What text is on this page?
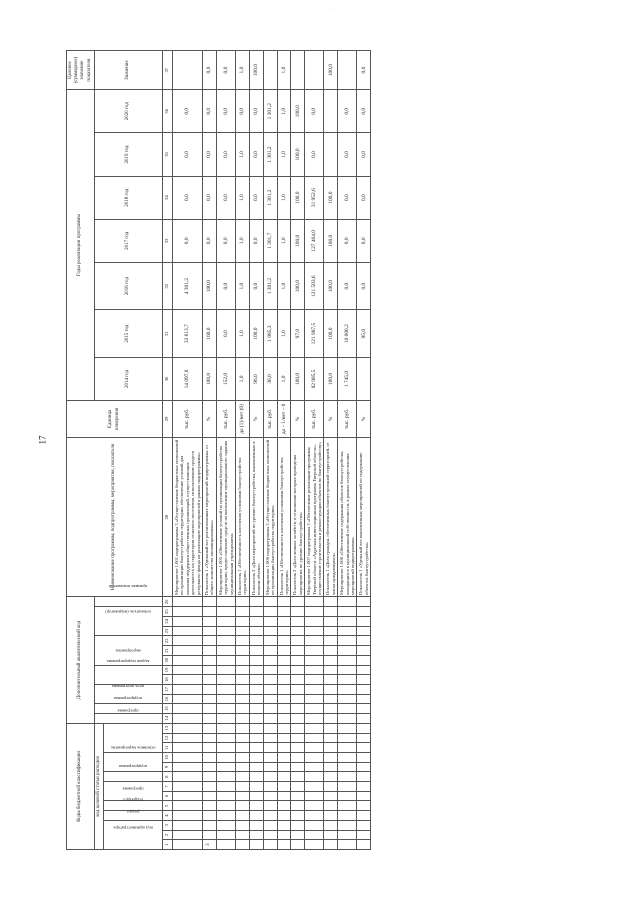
17
Коды бюджетной классификации													Дополнительный аналитический код													Наименование программы, подпрограммы, мероприятия, показателя	Единица измерения	Годы реализации программы							Целевое (суммарное) значение показателя
код целевой статьи расходов													программа	подпрограмма	цель программы		задача подпрограммы		мероприятие			показатель (индикатор)			признак показателя			2014 год	2015 год	2016 год	2017 год	2018 год	2019 год	2020 год	Значение
код администратора			раздел	подраздел	программа		подпрограмма	основное мероприятие																											
1	2	3	4	5	6	7	8	9	10	11	12	13	14	15	16	17	18	19	20	21	22	23	24	25	26	28	29	30	31	32	33	34	35	36	37
																										Мероприятие 1.001 подпрограммы 3 «Осуществление бюджетных полномочий по организации благоустройства территории, обеспечение условий для оказания поддержки общественных организаций, осуществляющих деятельность на территории сельского поселения, использование средств резервного фонда на реализацию мероприятий в рамках подпрограммы»	тыс. руб.	14 097,6	33 613,7	4 301,2	0,0	0,0	0,0	0,0	
3																										Показатель 1 «Удельный вес реализованных мероприятий подпрограммы, от общего количества запланированных»	%	100,0	100,0	100,0	0,0	0,0	0,0	0,0	0,0
																										Мероприятие 1.005 «Обеспечение условий по организации благоустройства территории, предоставлению средств на выполнение муниципального задания муниципальным учреждением»	тыс. руб.	152,0	0,0	0,0	0,0	0,0	0,0	0,0	0,0
																										Показатель 1 «Обеспеченность населения условиями благоустройства территории»	да (1)/нет (0)	1,0	1,0	1,0	1,0	1,0	1,0	0,0	1,0
																										Показатель 2 «Доля мероприятий по уровню благоустройства, выполненных в полном объеме»	%	96,0	100,0	0,0	0,0	0,0	0,0	0,0	100,0
																										Мероприятие 1.006 подпрограммы 3 «Осуществление бюджетных полномочий по организации благоустройства территории»	тыс. руб.	36,0	1 085,3	1 301,2	1 301,7	1 301,2	1 301,2	1 301,2	
																										Показатель 1 «Обеспеченность населения условиями благоустройства территории»	да – 1/нет – 0	1,0	1,0	1,0	1,0	1,0	1,0	1,0	1,0
																										Показатель 2 «Доля личных хозяйств, в отношении которых проведены мероприятия по уровню благоустройства»	%	100,0	97,0	100,0	100,0	100,0	100,0	100,0	
																										Мероприятие 1.007 подпрограммы 3 «Обеспечение реализации программы Тверской области «Адресная инвестиционная программа Тверской области», осуществление строительства и реконструкции объектов по благоустройству»	тыс. руб.	82 985,5	121 987,5	121 503,6	127 464,0	31 952,6	0,0	0,0	
																										Показатель 1 «Доля граждан, обеспеченных благоустроенной территорией, от числа нуждающихся»	%	100,0	100,0	100,0	100,0	100,0			100,0
																										Мероприятие 1.008 «Обеспечение содержания объектов благоустройства, находящихся в муниципальной собственности, в рамках осуществления мероприятий подпрограммы»	тыс. руб.	1 745,0	10 006,2	0,0	0,0	0,0	0,0	0,0	
																										Показатель 1 «Удельный вес выполненных мероприятий по содержанию объектов благоустройства»	%		95,0	0,0	0,0	0,0	0,0	0,0	0,0
· ·
·
·
